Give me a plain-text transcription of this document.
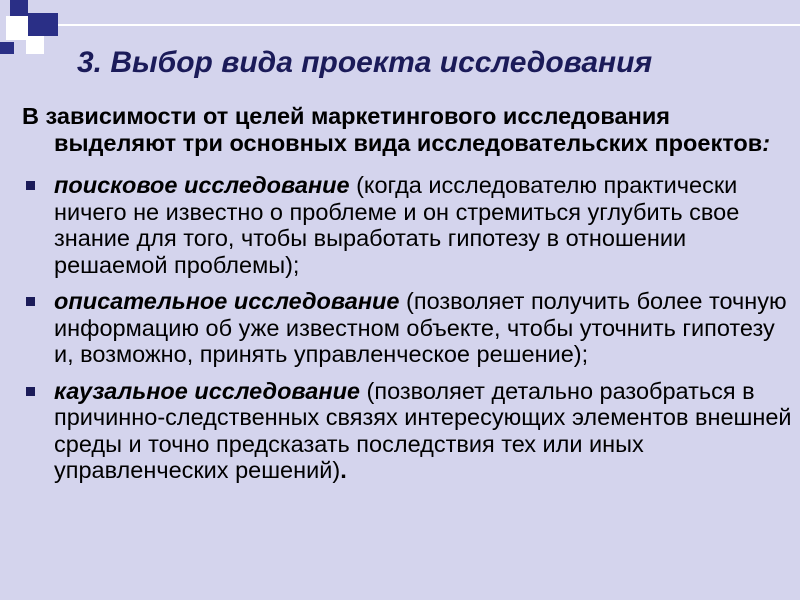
3. Выбор вида проекта исследования

В зависимости от целей маркетингового исследования выделяют три основных вида исследовательских проектов:

поисковое исследование (когда исследователю практически ничего не известно о проблеме и он стремиться углубить свое знание для того, чтобы выработать гипотезу в отношении решаемой проблемы);
описательное исследование (позволяет получить более точную информацию об уже известном объекте, чтобы уточнить гипотезу и, возможно, принять управленческое решение);
каузальное исследование (позволяет детально разобраться в причинно-следственных связях интересующих элементов внешней среды и точно предсказать последствия тех или иных управленческих решений).
